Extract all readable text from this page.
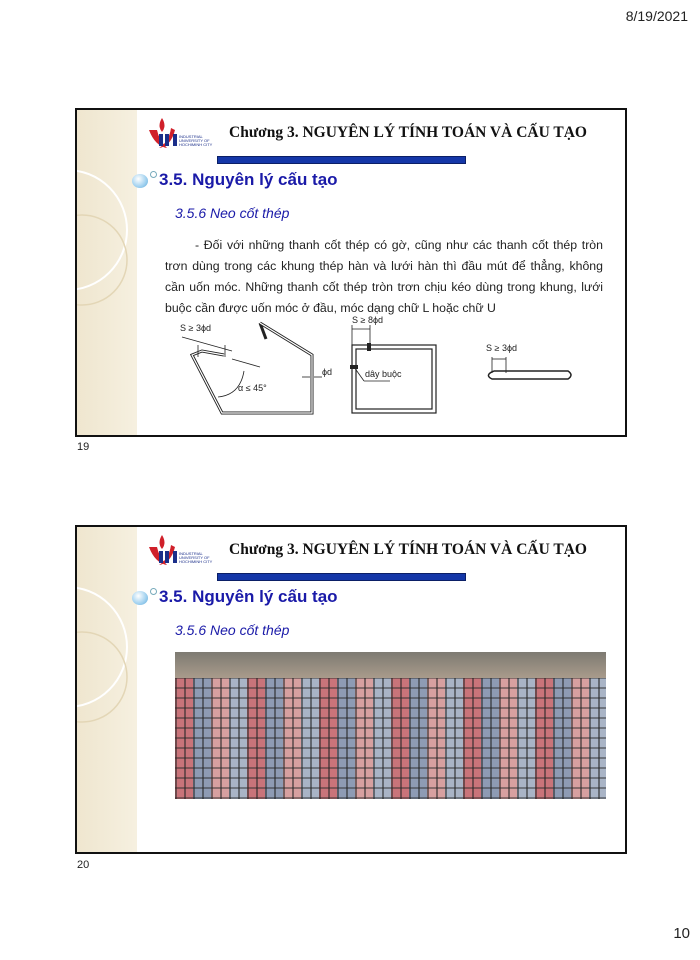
8/19/2021
INDUSTRIAL
UNIVERSITY OF
HOCHIMINH CITY
Chương 3. NGUYÊN LÝ TÍNH TOÁN VÀ CẤU TẠO
3.5. Nguyên lý cấu tạo
3.5.6 Neo cốt thép
- Đối với những thanh cốt thép có gờ, cũng như các thanh cốt thép tròn trơn dùng trong các khung thép hàn và lưới hàn thì đầu mút để thẳng, không cần uốn móc. Những thanh cốt thép tròn trơn chịu kéo dùng trong khung, lưới buộc cần được uốn móc ở đầu, móc dạng chữ L hoặc chữ U
S ≥ 3ϕd
α ≤ 45°
ϕd
S ≥ 8ϕd
dây buộc
S ≥ 3ϕd
19
INDUSTRIAL
UNIVERSITY OF
HOCHIMINH CITY
Chương 3. NGUYÊN LÝ TÍNH TOÁN VÀ CẤU TẠO
3.5. Nguyên lý cấu tạo
3.5.6 Neo cốt thép
20
10
